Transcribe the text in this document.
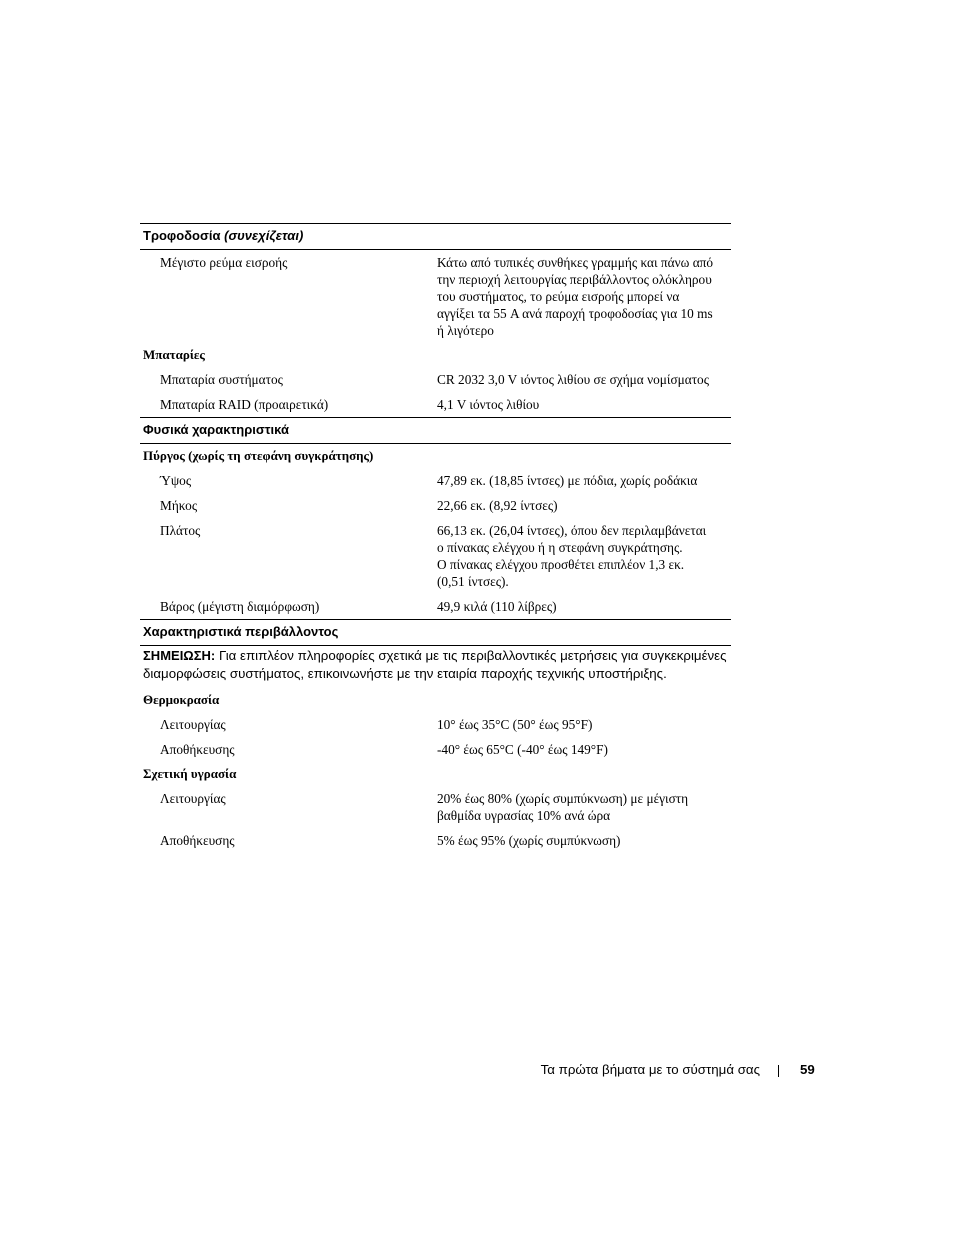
Τροφοδοσία (συνεχίζεται)
Μέγιστο ρεύμα εισροής	Κάτω από τυπικές συνθήκες γραμμής και πάνω από
την περιοχή λειτουργίας περιβάλλοντος ολόκληρου
του συστήματος, το ρεύμα εισροής μπορεί να
αγγίξει τα 55 A ανά παροχή τροφοδοσίας για 10 ms
ή λιγότερο
Μπαταρίες
Μπαταρία συστήματος	CR 2032 3,0 V ιόντος λιθίου σε σχήμα νομίσματος
Μπαταρία RAID (προαιρετικά)	4,1 V ιόντος λιθίου
Φυσικά χαρακτηριστικά
Πύργος (χωρίς τη στεφάνη συγκράτησης)
Ύψος	47,89 εκ. (18,85 ίντσες) με πόδια, χωρίς ροδάκια
Μήκος	22,66 εκ. (8,92 ίντσες)
Πλάτος	66,13 εκ. (26,04 ίντσες), όπου δεν περιλαμβάνεται
ο πίνακας ελέγχου ή η στεφάνη συγκράτησης.
Ο πίνακας ελέγχου προσθέτει επιπλέον 1,3 εκ.
(0,51 ίντσες).
Βάρος (μέγιστη διαμόρφωση)	49,9 κιλά (110 λίβρες)
Χαρακτηριστικά περιβάλλοντος
ΣΗΜΕΙΩΣΗ: Για επιπλέον πληροφορίες σχετικά με τις περιβαλλοντικές μετρήσεις για συγκεκριμένες διαμορφώσεις συστήματος, επικοινωνήστε με την εταιρία παροχής τεχνικής υποστήριξης.
Θερμοκρασία
Λειτουργίας	10° έως 35°C (50° έως 95°F)
Αποθήκευσης	-40° έως 65°C (-40° έως 149°F)
Σχετική υγρασία
Λειτουργίας	20% έως 80% (χωρίς συμπύκνωση) με μέγιστη
βαθμίδα υγρασίας 10% ανά ώρα
Αποθήκευσης	5% έως 95% (χωρίς συμπύκνωση)
Τα πρώτα βήματα με το σύστημά σας	59
